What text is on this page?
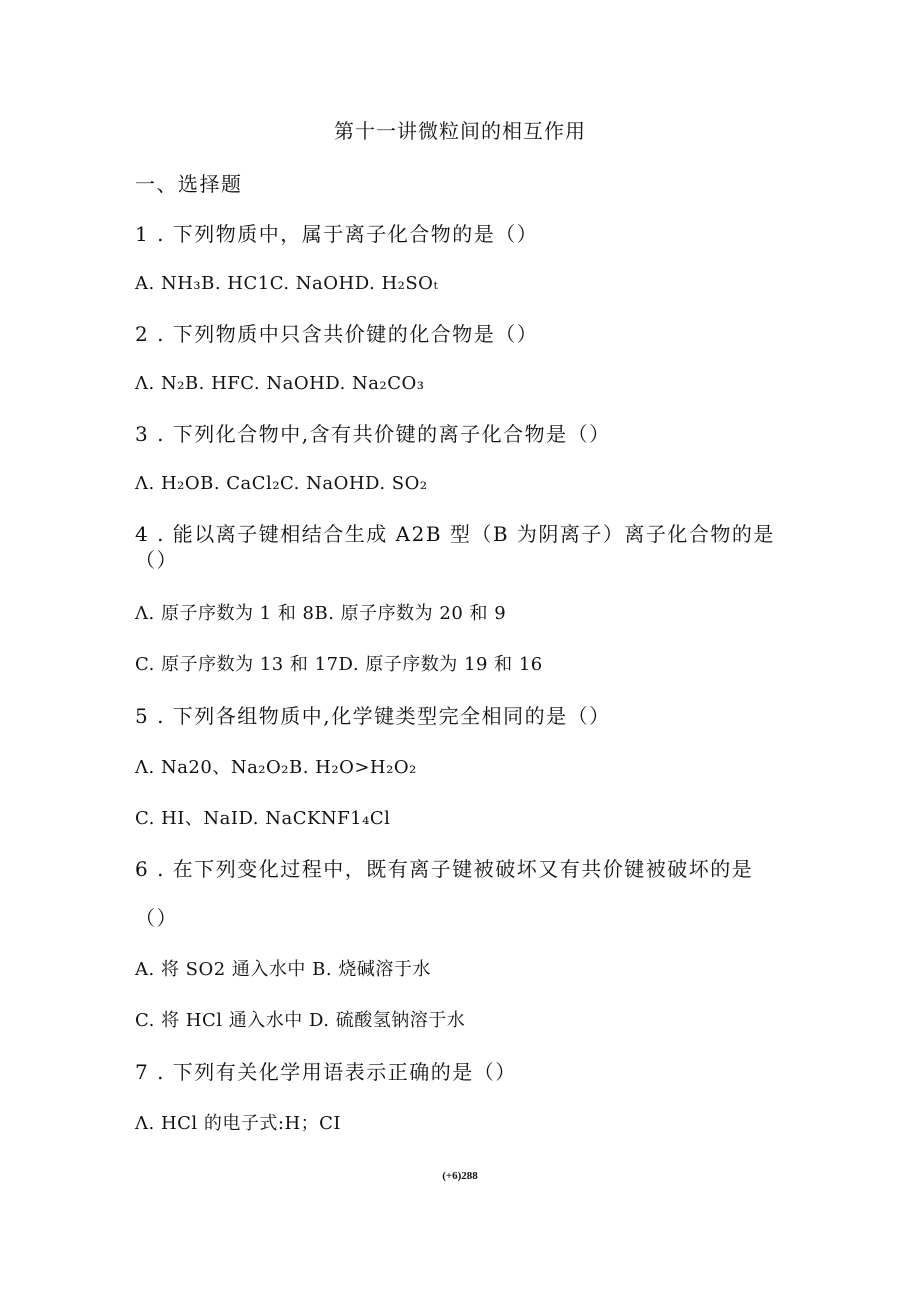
第十一讲微粒间的相互作用
一、选择题
1 . 下列物质中，属于离子化合物的是（）
A. NH₃B. HC1C. NaOHD. H₂SOₜ
2 . 下列物质中只含共价键的化合物是（）
Λ. N₂B. HFC. NaOHD. Na₂CO₃
3 . 下列化合物中,含有共价键的离子化合物是（）
Λ. H₂OB. CaCl₂C. NaOHD. SO₂
4 . 能以离子键相结合生成 A2B 型（B 为阴离子）离子化合物的是
（）
Λ. 原子序数为 1 和 8B. 原子序数为 20 和 9
C. 原子序数为 13 和 17D. 原子序数为 19 和 16
5 . 下列各组物质中,化学键类型完全相同的是（）
Λ. Na20、Na₂O₂B. H₂O>H₂O₂
C. HI、NaID. NaCKNF1₄Cl
6 . 在下列变化过程中，既有离子键被破坏又有共价键被破坏的是
（）
A. 将 SO2 通入水中 B. 烧碱溶于水
C. 将 HCl 通入水中 D. 硫酸氢钠溶于水
7 . 下列有关化学用语表示正确的是（）
Λ. HCl 的电子式:H；CI
(+6)288
